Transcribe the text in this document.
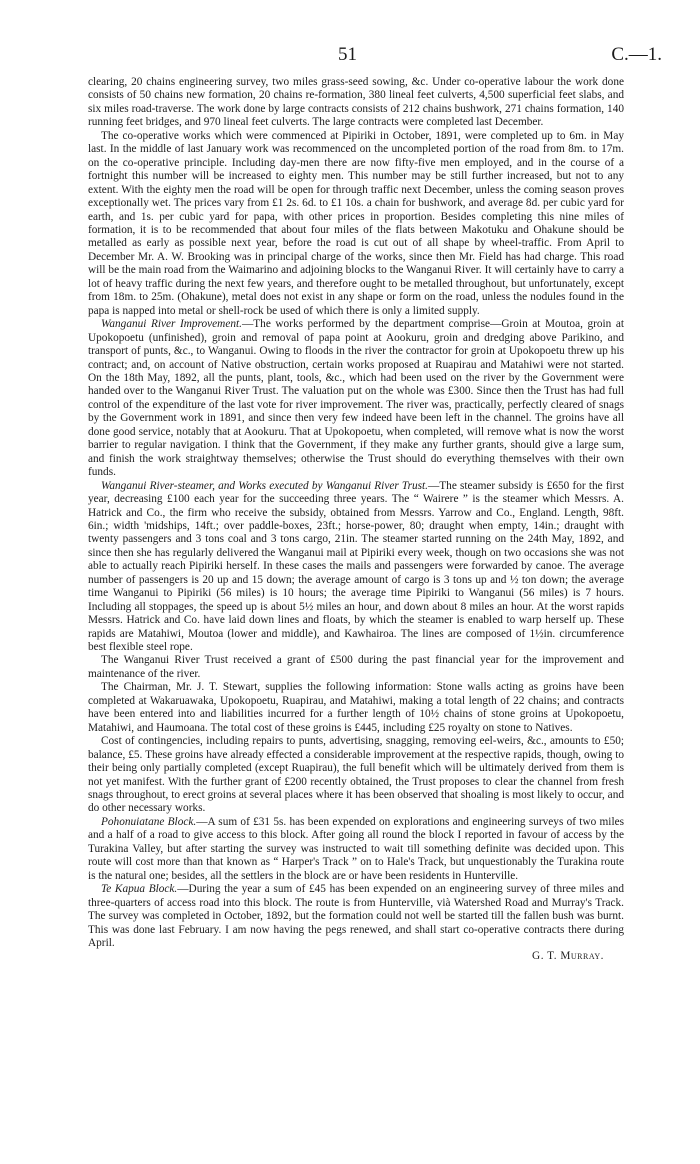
51	C.—1.

clearing, 20 chains engineering survey, two miles grass-seed sowing, &c. Under co-operative labour the work done consists of 50 chains new formation, 20 chains re-formation, 380 lineal feet culverts, 4,500 superficial feet slabs, and six miles road-traverse. The work done by large contracts consists of 212 chains bushwork, 271 chains formation, 140 running feet bridges, and 970 lineal feet culverts. The large contracts were completed last December.

The co-operative works which were commenced at Pipiriki in October, 1891, were completed up to 6m. in May last. In the middle of last January work was recommenced on the uncompleted portion of the road from 8m. to 17m. on the co-operative principle. Including day-men there are now fifty-five men employed, and in the course of a fortnight this number will be increased to eighty men. This number may be still further increased, but not to any extent. With the eighty men the road will be open for through traffic next December, unless the coming season proves exceptionally wet. The prices vary from £1 2s. 6d. to £1 10s. a chain for bushwork, and average 8d. per cubic yard for earth, and 1s. per cubic yard for papa, with other prices in proportion. Besides completing this nine miles of formation, it is to be recommended that about four miles of the flats between Makotuku and Ohakune should be metalled as early as possible next year, before the road is cut out of all shape by wheel-traffic. From April to December Mr. A. W. Brooking was in principal charge of the works, since then Mr. Field has had charge. This road will be the main road from the Waimarino and adjoining blocks to the Wanganui River. It will certainly have to carry a lot of heavy traffic during the next few years, and therefore ought to be metalled throughout, but unfortunately, except from 18m. to 25m. (Ohakune), metal does not exist in any shape or form on the road, unless the nodules found in the papa is napped into metal or shell-rock be used of which there is only a limited supply.

Wanganui River Improvement.—The works performed by the department comprise—Groin at Moutoa, groin at Upokopoetu (unfinished), groin and removal of papa point at Aookuru, groin and dredging above Parikino, and transport of punts, &c., to Wanganui. Owing to floods in the river the contractor for groin at Upokopoetu threw up his contract; and, on account of Native obstruction, certain works proposed at Ruapirau and Matahiwi were not started. On the 18th May, 1892, all the punts, plant, tools, &c., which had been used on the river by the Government were handed over to the Wanganui River Trust. The valuation put on the whole was £300. Since then the Trust has had full control of the expenditure of the last vote for river improvement. The river was, practically, perfectly cleared of snags by the Government work in 1891, and since then very few indeed have been left in the channel. The groins have all done good service, notably that at Aookuru. That at Upokopoetu, when completed, will remove what is now the worst barrier to regular navigation. I think that the Government, if they make any further grants, should give a large sum, and finish the work straightway themselves; otherwise the Trust should do everything themselves with their own funds.

Wanganui River-steamer, and Works executed by Wanganui River Trust.—The steamer subsidy is £650 for the first year, decreasing £100 each year for the succeeding three years. The “ Wairere ” is the steamer which Messrs. A. Hatrick and Co., the firm who receive the subsidy, obtained from Messrs. Yarrow and Co., England. Length, 98ft. 6in.; width 'midships, 14ft.; over paddle-boxes, 23ft.; horse-power, 80; draught when empty, 14in.; draught with twenty passengers and 3 tons coal and 3 tons cargo, 21in. The steamer started running on the 24th May, 1892, and since then she has regularly delivered the Wanganui mail at Pipiriki every week, though on two occasions she was not able to actually reach Pipiriki herself. In these cases the mails and passengers were forwarded by canoe. The average number of passengers is 20 up and 15 down; the average amount of cargo is 3 tons up and ½ ton down; the average time Wanganui to Pipiriki (56 miles) is 10 hours; the average time Pipiriki to Wanganui (56 miles) is 7 hours. Including all stoppages, the speed up is about 5½ miles an hour, and down about 8 miles an hour. At the worst rapids Messrs. Hatrick and Co. have laid down lines and floats, by which the steamer is enabled to warp herself up. These rapids are Matahiwi, Moutoa (lower and middle), and Kawhairoa. The lines are composed of 1½in. circumference best flexible steel rope.

The Wanganui River Trust received a grant of £500 during the past financial year for the improvement and maintenance of the river.

The Chairman, Mr. J. T. Stewart, supplies the following information: Stone walls acting as groins have been completed at Wakaruawaka, Upokopoetu, Ruapirau, and Matahiwi, making a total length of 22 chains; and contracts have been entered into and liabilities incurred for a further length of 10½ chains of stone groins at Upokopoetu, Matahiwi, and Haumoana. The total cost of these groins is £445, including £25 royalty on stone to Natives.

Cost of contingencies, including repairs to punts, advertising, snagging, removing eel-weirs, &c., amounts to £50; balance, £5. These groins have already effected a considerable improvement at the respective rapids, though, owing to their being only partially completed (except Ruapirau), the full benefit which will be ultimately derived from them is not yet manifest. With the further grant of £200 recently obtained, the Trust proposes to clear the channel from fresh snags throughout, to erect groins at several places where it has been observed that shoaling is most likely to occur, and do other necessary works.

Pohonuiatane Block.—A sum of £31 5s. has been expended on explorations and engineering surveys of two miles and a half of a road to give access to this block. After going all round the block I reported in favour of access by the Turakina Valley, but after starting the survey was instructed to wait till something definite was decided upon. This route will cost more than that known as “ Harper's Track ” on to Hale's Track, but unquestionably the Turakina route is the natural one; besides, all the settlers in the block are or have been residents in Hunterville.

Te Kapua Block.—During the year a sum of £45 has been expended on an engineering survey of three miles and three-quarters of access road into this block. The route is from Hunterville, vià Watershed Road and Murray's Track. The survey was completed in October, 1892, but the formation could not well be started till the fallen bush was burnt. This was done last February. I am now having the pegs renewed, and shall start co-operative contracts there during April.

G. T. Murray.
